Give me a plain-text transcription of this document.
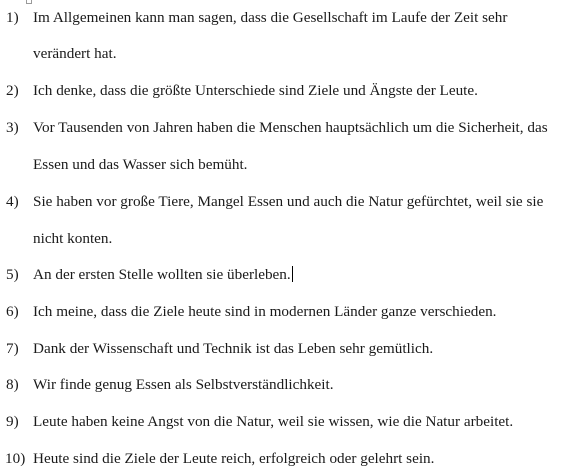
1) Im Allgemeinen kann man sagen, dass die Gesellschaft im Laufe der Zeit sehr
verändert hat.
2) Ich denke, dass die größte Unterschiede sind Ziele und Ängste der Leute.
3) Vor Tausenden von Jahren haben die Menschen hauptsächlich um die Sicherheit, das
Essen und das Wasser sich bemüht.
4) Sie haben vor große Tiere, Mangel Essen und auch die Natur gefürchtet, weil sie sie
nicht konten.
5) An der ersten Stelle wollten sie überleben.
6) Ich meine, dass die Ziele heute sind in modernen Länder ganze verschieden.
7) Dank der Wissenschaft und Technik ist das Leben sehr gemütlich.
8) Wir finde genug Essen als Selbstverständlichkeit.
9) Leute haben keine Angst von die Natur, weil sie wissen, wie die Natur arbeitet.
10) Heute sind die Ziele der Leute reich, erfolgreich oder gelehrt sein.
